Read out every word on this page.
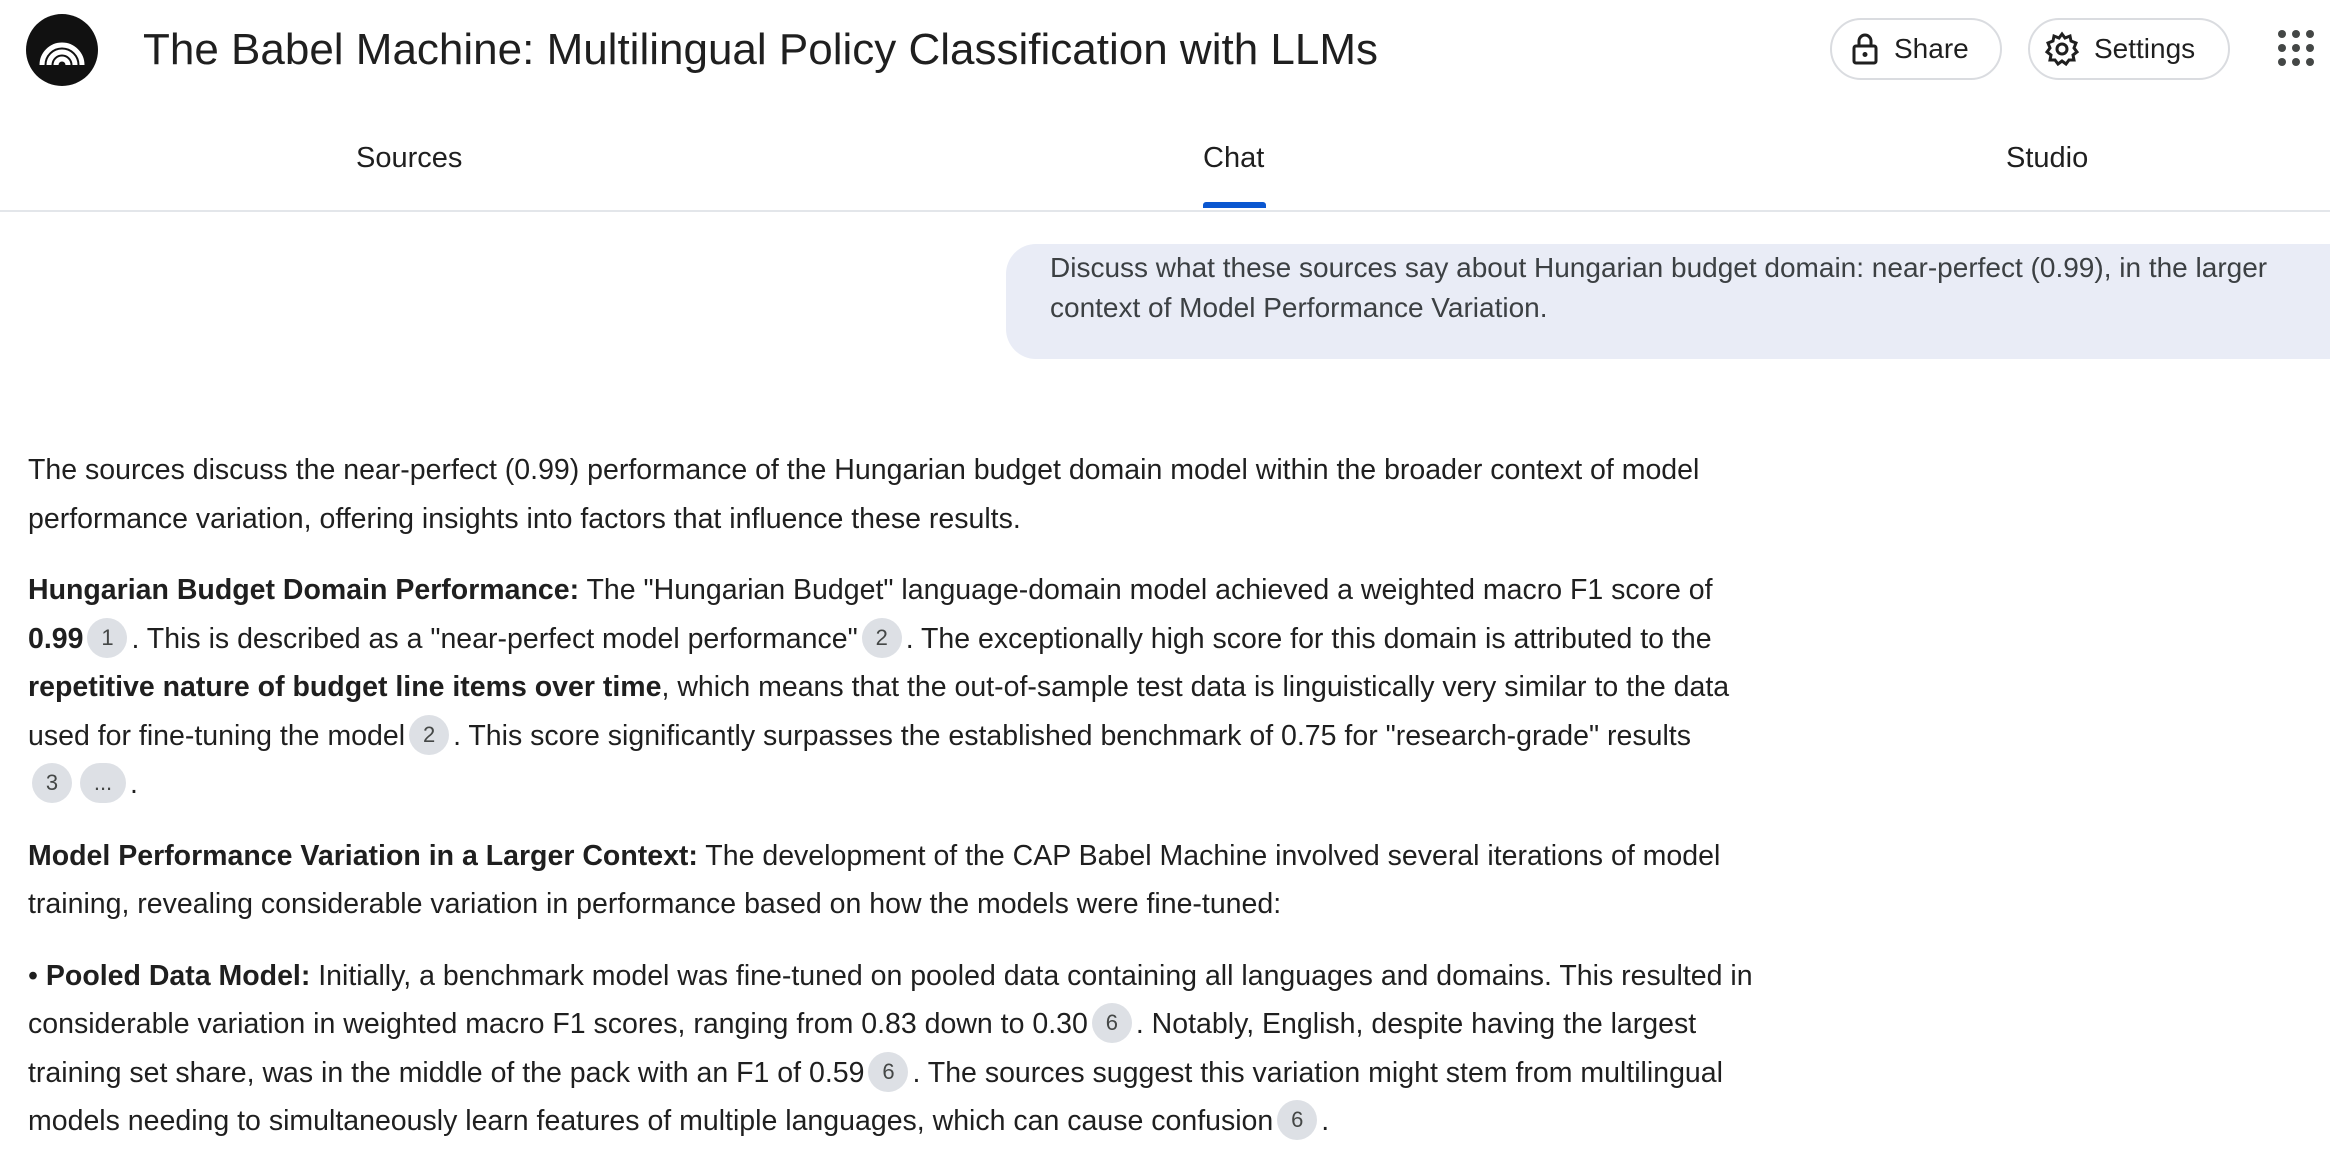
The Babel Machine: Multilingual Policy Classification with LLMs	Share	Settings
Sources	Chat	Studio
Discuss what these sources say about Hungarian budget domain: near-perfect (0.99), in the larger context of Model Performance Variation.

The sources discuss the near-perfect (0.99) performance of the Hungarian budget domain model within the broader context of model performance variation, offering insights into factors that influence these results.

Hungarian Budget Domain Performance: The "Hungarian Budget" language-domain model achieved a weighted macro F1 score of 0.99 1 . This is described as a "near-perfect model performance" 2 . The exceptionally high score for this domain is attributed to the repetitive nature of budget line items over time, which means that the out-of-sample test data is linguistically very similar to the data used for fine-tuning the model 2 . This score significantly surpasses the established benchmark of 0.75 for "research-grade" results
3 ... .

Model Performance Variation in a Larger Context: The development of the CAP Babel Machine involved several iterations of model training, revealing considerable variation in performance based on how the models were fine-tuned:

• Pooled Data Model: Initially, a benchmark model was fine-tuned on pooled data containing all languages and domains. This resulted in considerable variation in weighted macro F1 scores, ranging from 0.83 down to 0.30 6 . Notably, English, despite having the largest training set share, was in the middle of the pack with an F1 of 0.59 6 . The sources suggest this variation might stem from multilingual models needing to simultaneously learn features of multiple languages, which can cause confusion 6 .
